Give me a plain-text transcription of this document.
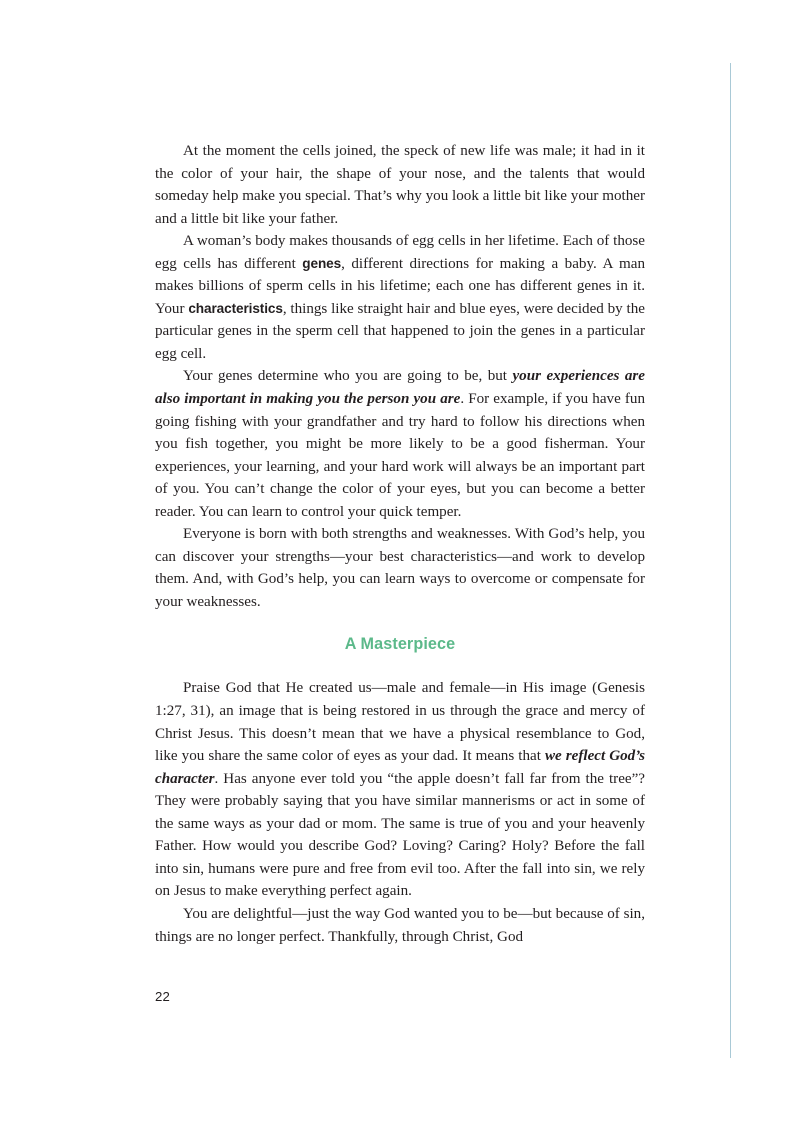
At the moment the cells joined, the speck of new life was male; it had in it the color of your hair, the shape of your nose, and the talents that would someday help make you special. That’s why you look a little bit like your mother and a little bit like your father.

A woman’s body makes thousands of egg cells in her lifetime. Each of those egg cells has different genes, different directions for making a baby. A man makes billions of sperm cells in his lifetime; each one has different genes in it. Your characteristics, things like straight hair and blue eyes, were decided by the particular genes in the sperm cell that happened to join the genes in a particular egg cell.

Your genes determine who you are going to be, but your experiences are also important in making you the person you are. For example, if you have fun going fishing with your grandfather and try hard to follow his directions when you fish together, you might be more likely to be a good fisherman. Your experiences, your learning, and your hard work will always be an important part of you. You can’t change the color of your eyes, but you can become a better reader. You can learn to control your quick temper.

Everyone is born with both strengths and weaknesses. With God’s help, you can discover your strengths—your best characteristics—and work to develop them. And, with God’s help, you can learn ways to overcome or compensate for your weaknesses.

A Masterpiece

Praise God that He created us—male and female—in His image (Genesis 1:27, 31), an image that is being restored in us through the grace and mercy of Christ Jesus. This doesn’t mean that we have a physical resemblance to God, like you share the same color of eyes as your dad. It means that we reflect God’s character. Has anyone ever told you “the apple doesn’t fall far from the tree”? They were probably saying that you have similar mannerisms or act in some of the same ways as your dad or mom. The same is true of you and your heavenly Father. How would you describe God? Loving? Caring? Holy? Before the fall into sin, humans were pure and free from evil too. After the fall into sin, we rely on Jesus to make everything perfect again.

You are delightful—just the way God wanted you to be—but because of sin, things are no longer perfect. Thankfully, through Christ, God

22
